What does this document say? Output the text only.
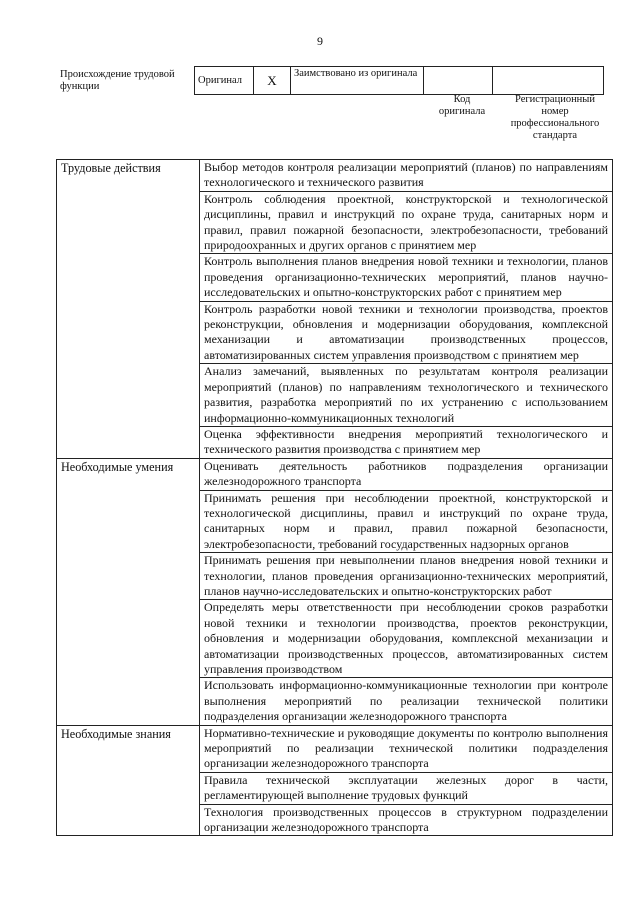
9
Происхождение трудовой функции
Оригинал	X	Заимствовано из оригинала		
Код оригинала
Регистрационный номер профессионального стандарта
Трудовые действия	Выбор методов контроля реализации мероприятий (планов) по направлениям технологического и технического развития
	Контроль соблюдения проектной, конструкторской и технологической дисциплины, правил и инструкций по охране труда, санитарных норм и правил, правил пожарной безопасности, электробезопасности, требований природоохранных и других органов с принятием мер
	Контроль выполнения планов внедрения новой техники и технологии, планов проведения организационно-технических мероприятий, планов научно-исследовательских и опытно-конструкторских работ с принятием мер
	Контроль разработки новой техники и технологии производства, проектов реконструкции, обновления и модернизации оборудования, комплексной механизации и автоматизации производственных процессов, автоматизированных систем управления производством с принятием мер
	Анализ замечаний, выявленных по результатам контроля реализации мероприятий (планов) по направлениям технологического и технического развития, разработка мероприятий по их устранению с использованием информационно-коммуникационных технологий
	Оценка эффективности внедрения мероприятий технологического и технического развития производства с принятием мер
Необходимые умения	Оценивать деятельность работников подразделения организации железнодорожного транспорта
	Принимать решения при несоблюдении проектной, конструкторской и технологической дисциплины, правил и инструкций по охране труда, санитарных норм и правил, правил пожарной безопасности, электробезопасности, требований государственных надзорных органов
	Принимать решения при невыполнении планов внедрения новой техники и технологии, планов проведения организационно-технических мероприятий, планов научно-исследовательских и опытно-конструкторских работ
	Определять меры ответственности при несоблюдении сроков разработки новой техники и технологии производства, проектов реконструкции, обновления и модернизации оборудования, комплексной механизации и автоматизации производственных процессов, автоматизированных систем управления производством
	Использовать информационно-коммуникационные технологии при контроле выполнения мероприятий по реализации технической политики подразделения организации железнодорожного транспорта
Необходимые знания	Нормативно-технические и руководящие документы по контролю выполнения мероприятий по реализации технической политики подразделения организации железнодорожного транспорта
	Правила технической эксплуатации железных дорог в части, регламентирующей выполнение трудовых функций
	Технология производственных процессов в структурном подразделении организации железнодорожного транспорта
